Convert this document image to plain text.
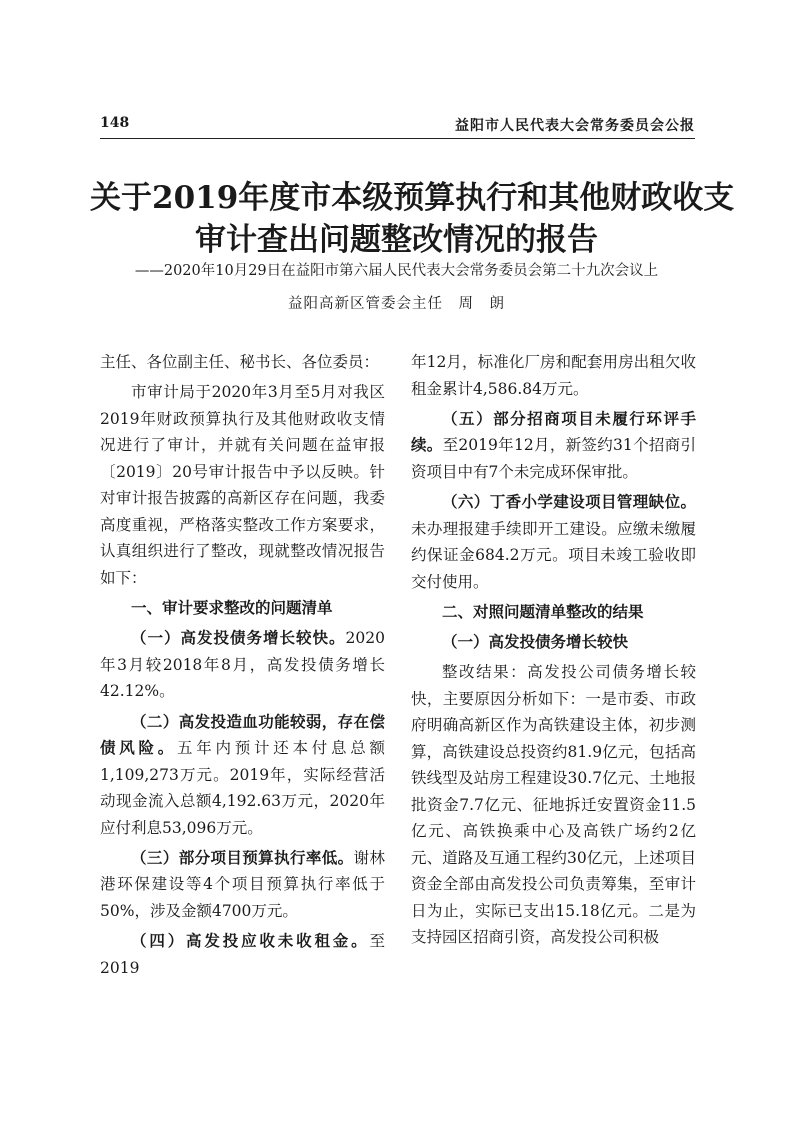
148	益阳市人民代表大会常务委员会公报
关于2019年度市本级预算执行和其他财政收支
审计查出问题整改情况的报告
——2020年10月29日在益阳市第六届人民代表大会常务委员会第二十九次会议上
益阳高新区管委会主任　周　朗

主任、各位副主任、秘书长、各位委员：

市审计局于2020年3月至5月对我区2019年财政预算执行及其他财政收支情况进行了审计，并就有关问题在益审报〔2019〕20号审计报告中予以反映。针对审计报告披露的高新区存在问题，我委高度重视，严格落实整改工作方案要求，认真组织进行了整改，现就整改情况报告如下：

一、审计要求整改的问题清单

（一）高发投债务增长较快。2020年3月较2018年8月，高发投债务增长42.12%。

（二）高发投造血功能较弱，存在偿债风险。五年内预计还本付息总额1,109,273万元。2019年，实际经营活动现金流入总额4,192.63万元，2020年应付利息53,096万元。

（三）部分项目预算执行率低。谢林港环保建设等4个项目预算执行率低于50%，涉及金额4700万元。

（四）高发投应收未收租金。至2019

年12月，标准化厂房和配套用房出租欠收租金累计4,586.84万元。

（五）部分招商项目未履行环评手续。至2019年12月，新签约31个招商引资项目中有7个未完成环保审批。

（六）丁香小学建设项目管理缺位。未办理报建手续即开工建设。应缴未缴履约保证金684.2万元。项目未竣工验收即交付使用。

二、对照问题清单整改的结果

（一）高发投债务增长较快

整改结果：高发投公司债务增长较快，主要原因分析如下：一是市委、市政府明确高新区作为高铁建设主体，初步测算，高铁建设总投资约81.9亿元，包括高铁线型及站房工程建设30.7亿元、土地报批资金7.7亿元、征地拆迁安置资金11.5亿元、高铁换乘中心及高铁广场约2亿元、道路及互通工程约30亿元，上述项目资金全部由高发投公司负责筹集，至审计日为止，实际已支出15.18亿元。二是为支持园区招商引资，高发投公司积极
